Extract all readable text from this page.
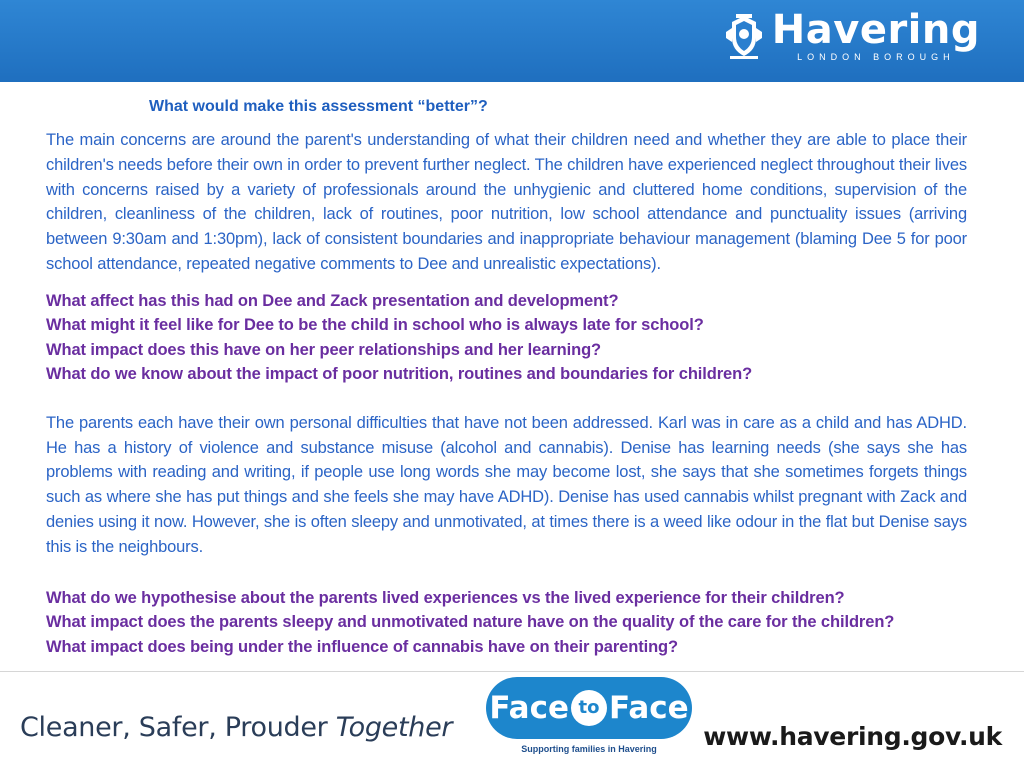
Havering
LONDON BOROUGH
What would make this assessment “better”?
The main concerns are around the parent's understanding of what their children need and whether they are able to place their children's needs before their own in order to prevent further neglect. The children have experienced neglect throughout their lives with concerns raised by a variety of professionals around the unhygienic and cluttered home conditions, supervision of the children, cleanliness of the children, lack of routines, poor nutrition, low school attendance and punctuality issues (arriving between 9:30am and 1:30pm), lack of consistent boundaries and inappropriate behaviour management (blaming Dee 5 for poor school attendance, repeated negative comments to Dee and unrealistic expectations).
What affect has this had on Dee and Zack presentation and development?
What might it feel like for Dee to be the child in school who is always late for school?
What impact does this have on her peer relationships and her learning?
What do we know about the impact of poor nutrition, routines and boundaries for children?
The parents each have their own personal difficulties that have not been addressed. Karl was in care as a child and has ADHD. He has a history of violence and substance misuse (alcohol and cannabis). Denise has learning needs (she says she has problems with reading and writing, if people use long words she may become lost, she says that she sometimes forgets things such as where she has put things and she feels she may have ADHD). Denise has used cannabis whilst pregnant with Zack and denies using it now. However, she is often sleepy and unmotivated, at times there is a weed like odour in the flat but Denise says this is the neighbours.
What do we hypothesise about the parents lived experiences vs the lived experience for their children?
What impact does the parents sleepy and unmotivated nature have on the quality of the care for the children?
What impact does being under the influence of cannabis have on their parenting?
Cleaner, Safer, Prouder Together
Face to Face
Supporting families in Havering	www.havering.gov.uk
